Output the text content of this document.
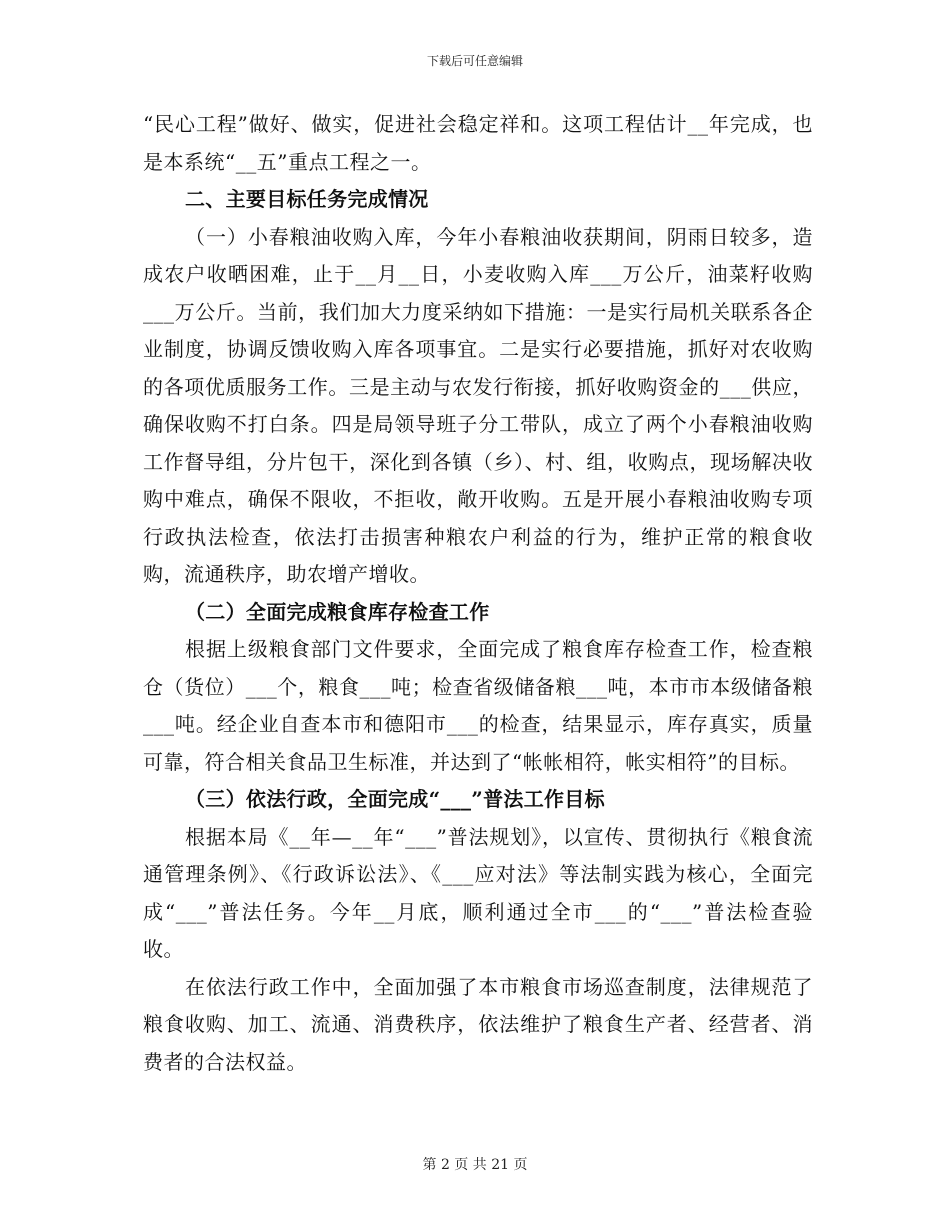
下载后可任意编辑

“民心工程”做好、做实，促进社会稳定祥和。这项工程估计__年完成，也是本系统“__五”重点工程之一。

二、主要目标任务完成情况

（一）小春粮油收购入库，今年小春粮油收获期间，阴雨日较多，造成农户收晒困难，止于__月__日，小麦收购入库___万公斤，油菜籽收购___万公斤。当前，我们加大力度采纳如下措施：一是实行局机关联系各企业制度，协调反馈收购入库各项事宜。二是实行必要措施，抓好对农收购的各项优质服务工作。三是主动与农发行衔接，抓好收购资金的___供应，确保收购不打白条。四是局领导班子分工带队，成立了两个小春粮油收购工作督导组，分片包干，深化到各镇（乡）、村、组，收购点，现场解决收购中难点，确保不限收，不拒收，敞开收购。五是开展小春粮油收购专项行政执法检查，依法打击损害种粮农户利益的行为，维护正常的粮食收购，流通秩序，助农增产增收。

（二）全面完成粮食库存检查工作

根据上级粮食部门文件要求，全面完成了粮食库存检查工作，检查粮仓（货位）___个，粮食___吨；检查省级储备粮___吨，本市市本级储备粮___吨。经企业自查本市和德阳市___的检查，结果显示，库存真实，质量可靠，符合相关食品卫生标准，并达到了“帐帐相符，帐实相符”的目标。

（三）依法行政，全面完成“___”普法工作目标

根据本局《__年—__年“___”普法规划》，以宣传、贯彻执行《粮食流通管理条例》、《行政诉讼法》、《___应对法》等法制实践为核心，全面完成“___”普法任务。今年__月底，顺利通过全市___的“___”普法检查验收。

在依法行政工作中，全面加强了本市粮食市场巡查制度，法律规范了粮食收购、加工、流通、消费秩序，依法维护了粮食生产者、经营者、消费者的合法权益。

第 2 页 共 21 页
